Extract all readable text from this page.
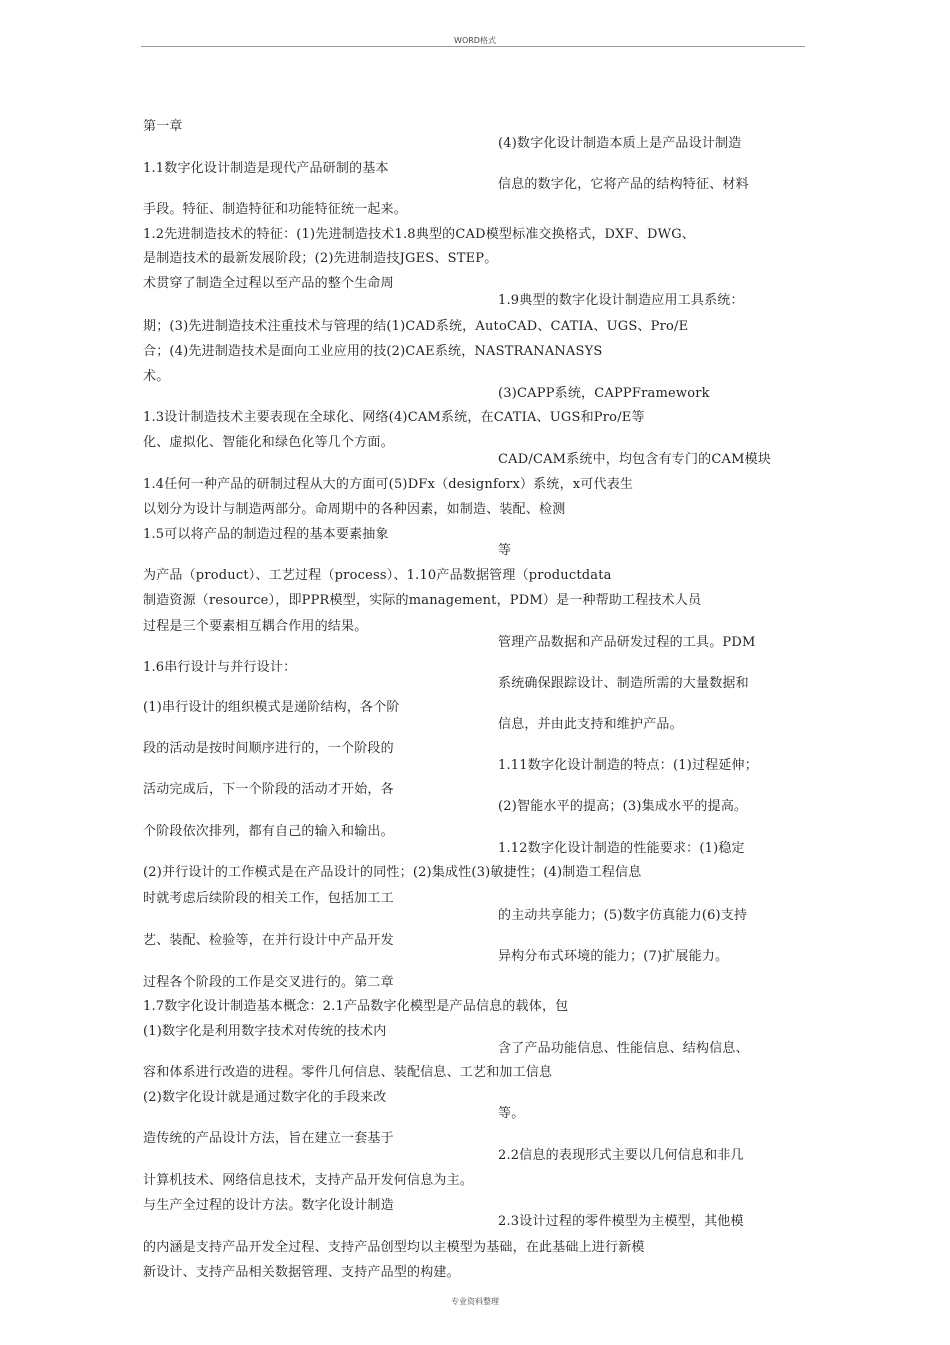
WORD格式
第一章
(4)数字化设计制造本质上是产品设计制造
1.1数字化设计制造是现代产品研制的基本
信息的数字化，它将产品的结构特征、材料
手段。特征、制造特征和功能特征统一起来。
1.2先进制造技术的特征：(1)先进制造技术1.8典型的CAD模型标准交换格式，DXF、DWG、
是制造技术的最新发展阶段；(2)先进制造技JGES、STEP。
术贯穿了制造全过程以至产品的整个生命周
1.9典型的数字化设计制造应用工具系统：
期；(3)先进制造技术注重技术与管理的结(1)CAD系统，AutoCAD、CATIA、UGS、Pro/E
合；(4)先进制造技术是面向工业应用的技(2)CAE系统，NASTRANANASYS
术。
(3)CAPP系统，CAPPFramework
1.3设计制造技术主要表现在全球化、网络(4)CAM系统，在CATIA、UGS和Pro/E等
化、虚拟化、智能化和绿色化等几个方面。
CAD/CAM系统中，均包含有专门的CAM模块
1.4任何一种产品的研制过程从大的方面可(5)DFx（designforx）系统，x可代表生
以划分为设计与制造两部分。命周期中的各种因素，如制造、装配、检测
1.5可以将产品的制造过程的基本要素抽象
等
为产品（product）、工艺过程（process）、1.10产品数据管理（productdata
制造资源（resource），即PPR模型，实际的management，PDM）是一种帮助工程技术人员
过程是三个要素相互耦合作用的结果。
管理产品数据和产品研发过程的工具。PDM
1.6串行设计与并行设计：
系统确保跟踪设计、制造所需的大量数据和
(1)串行设计的组织模式是递阶结构，各个阶
信息，并由此支持和维护产品。
段的活动是按时间顺序进行的，一个阶段的
1.11数字化设计制造的特点：(1)过程延伸；
活动完成后，下一个阶段的活动才开始，各
(2)智能水平的提高；(3)集成水平的提高。
个阶段依次排列，都有自己的输入和输出。
1.12数字化设计制造的性能要求：(1)稳定
(2)并行设计的工作模式是在产品设计的同性；(2)集成性(3)敏捷性；(4)制造工程信息
时就考虑后续阶段的相关工作，包括加工工
的主动共享能力；(5)数字仿真能力(6)支持
艺、装配、检验等，在并行设计中产品开发
异构分布式环境的能力；(7)扩展能力。
过程各个阶段的工作是交叉进行的。第二章
1.7数字化设计制造基本概念：2.1产品数字化模型是产品信息的载体，包
(1)数字化是利用数字技术对传统的技术内
含了产品功能信息、性能信息、结构信息、
容和体系进行改造的进程。零件几何信息、装配信息、工艺和加工信息
(2)数字化设计就是通过数字化的手段来改
等。
造传统的产品设计方法，旨在建立一套基于
2.2信息的表现形式主要以几何信息和非几
计算机技术、网络信息技术，支持产品开发何信息为主。
与生产全过程的设计方法。数字化设计制造
2.3设计过程的零件模型为主模型，其他模
的内涵是支持产品开发全过程、支持产品创型均以主模型为基础，在此基础上进行新模
新设计、支持产品相关数据管理、支持产品型的构建。
专业资料整理
